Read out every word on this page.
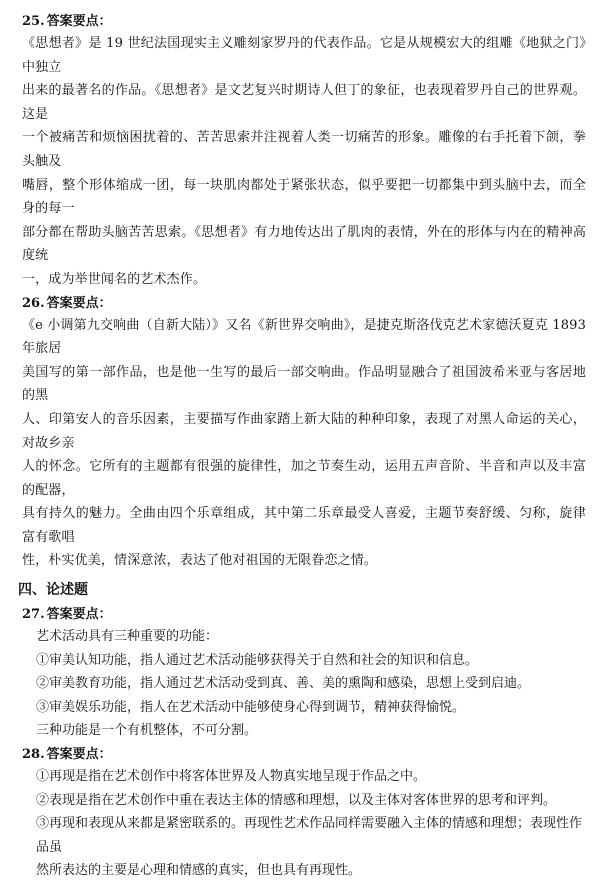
25. 答案要点：

《思想者》是 19 世纪法国现实主义雕刻家罗丹的代表作品。它是从规模宏大的组雕《地狱之门》中独立

出来的最著名的作品。《思想者》是文艺复兴时期诗人但丁的象征，也表现着罗丹自己的世界观。这是

一个被痛苦和烦恼困扰着的、苦苦思索并注视着人类一切痛苦的形象。雕像的右手托着下颌，拳头触及

嘴唇，整个形体缩成一团，每一块肌肉都处于紧张状态，似乎要把一切都集中到头脑中去，而全身的每一

部分都在帮助头脑苦苦思索。《思想者》有力地传达出了肌肉的表情，外在的形体与内在的精神高度统

一，成为举世闻名的艺术杰作。

26. 答案要点：

《e 小调第九交响曲（自新大陆）》又名《新世界交响曲》，是捷克斯洛伐克艺术家德沃夏克 1893 年旅居

美国写的第一部作品，也是他一生写的最后一部交响曲。作品明显融合了祖国波希米亚与客居地的黑

人、印第安人的音乐因素，主要描写作曲家踏上新大陆的种种印象，表现了对黑人命运的关心，对故乡亲

人的怀念。它所有的主题都有很强的旋律性，加之节奏生动，运用五声音阶、半音和声以及丰富的配器，

具有持久的魅力。全曲由四个乐章组成，其中第二乐章最受人喜爱，主题节奏舒缓、匀称，旋律富有歌唱

性，朴实优美，情深意浓，表达了他对祖国的无限眷恋之情。

四、论述题

27. 答案要点：

艺术活动具有三种重要的功能：

①审美认知功能，指人通过艺术活动能够获得关于自然和社会的知识和信息。

②审美教育功能，指人通过艺术活动受到真、善、美的熏陶和感染，思想上受到启迪。

③审美娱乐功能，指人在艺术活动中能够使身心得到调节，精神获得愉悦。

三种功能是一个有机整体，不可分割。

28. 答案要点：

①再现是指在艺术创作中将客体世界及人物真实地呈现于作品之中。

②表现是指在艺术创作中重在表达主体的情感和理想，以及主体对客体世界的思考和评判。

③再现和表现从来都是紧密联系的。再现性艺术作品同样需要融入主体的情感和理想；表现性作品虽

然所表达的主要是心理和情感的真实，但也具有再现性。
